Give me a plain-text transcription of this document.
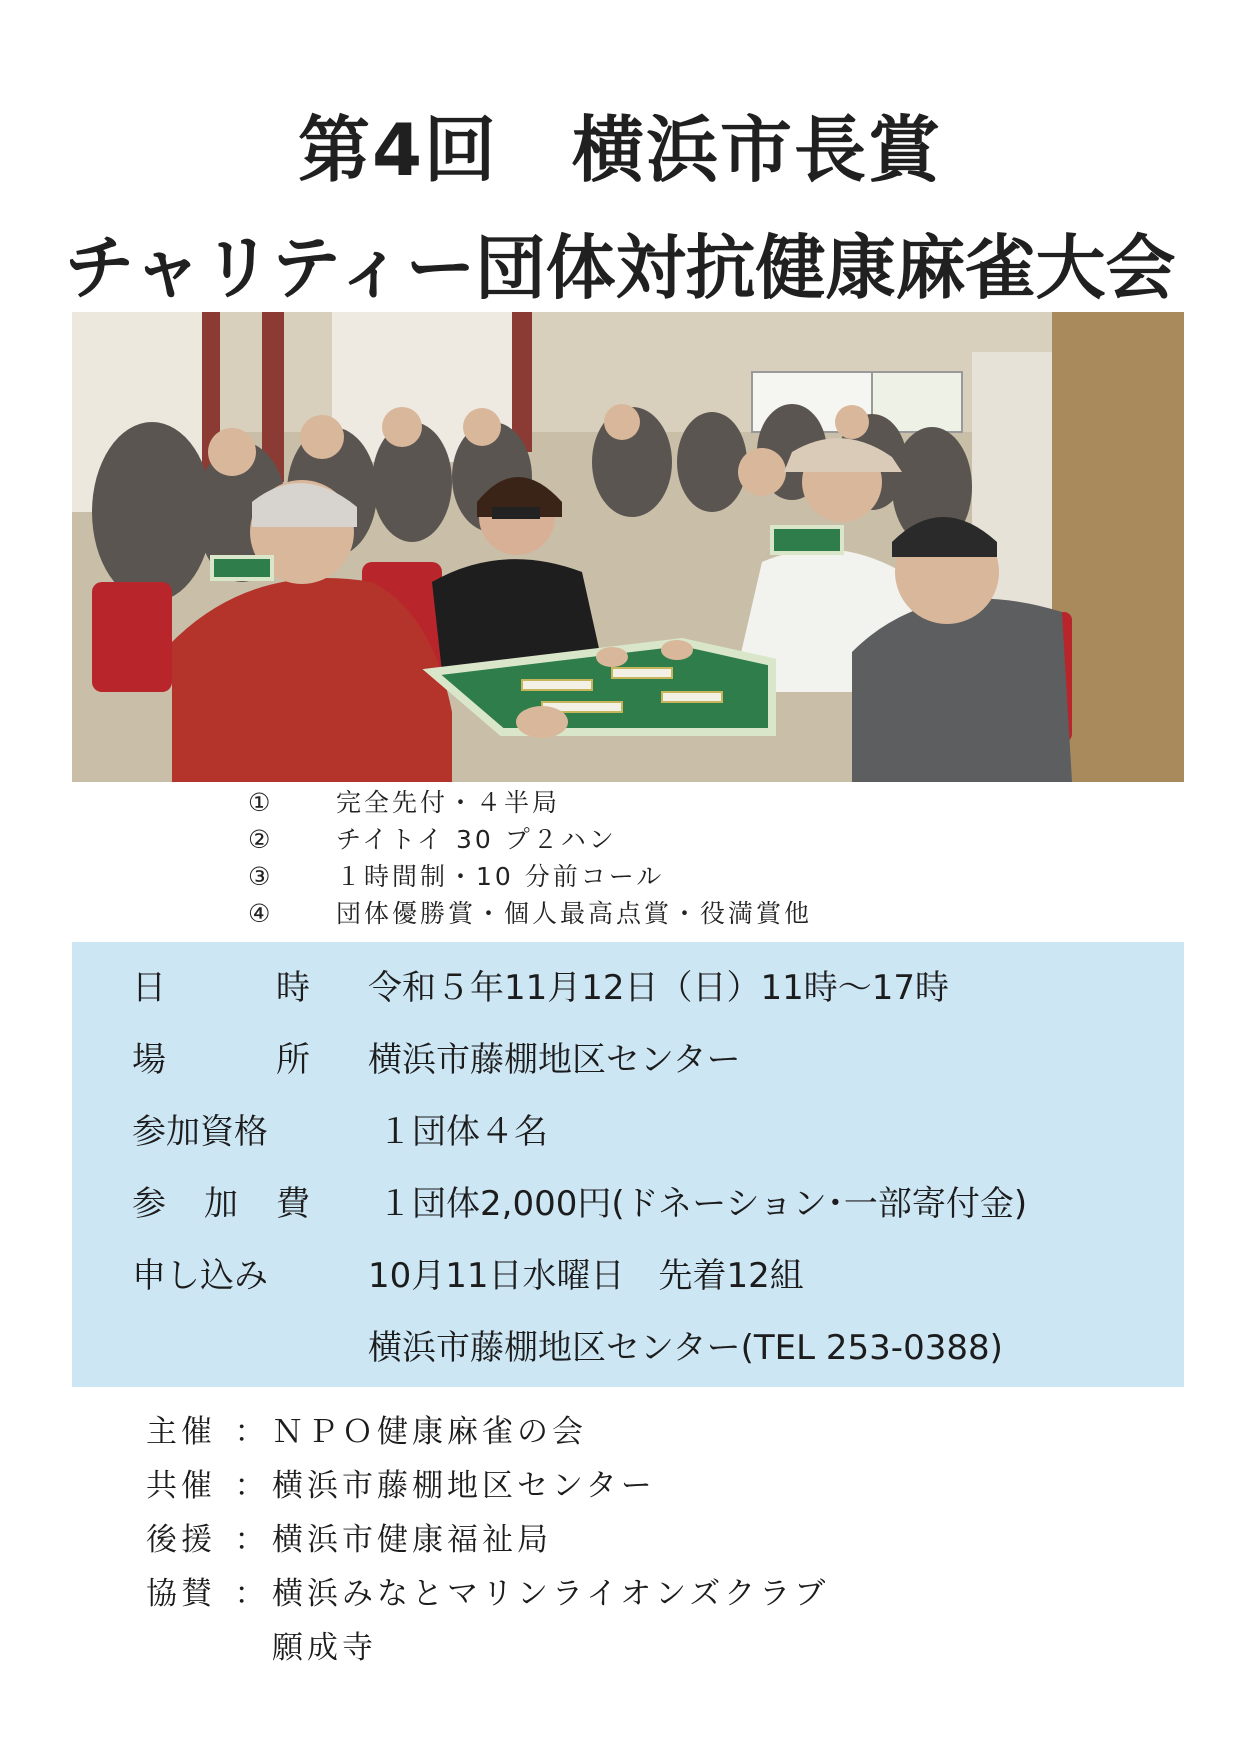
第4回　横浜市長賞
チャリティー団体対抗健康麻雀大会
①	完全先付・４半局
②	チイトイ 30 プ２ハン
③	１時間制・10 分前コール
④	団体優勝賞・個人最高点賞・役満賞他
日	時 令和５年11月12日（日）11時～17時
場	所 横浜市藤棚地区センター
参加資格	１団体４名
参 加 費 １団体2,000円(ドネーション･一部寄付金)
申し込み	10月11日水曜日　先着12組
横浜市藤棚地区センター(TEL 253-0388)
主催 ： ＮＰＯ健康麻雀の会
共催 ： 横浜市藤棚地区センター
後援 ： 横浜市健康福祉局
協賛 ： 横浜みなとマリンライオンズクラブ
願成寺
